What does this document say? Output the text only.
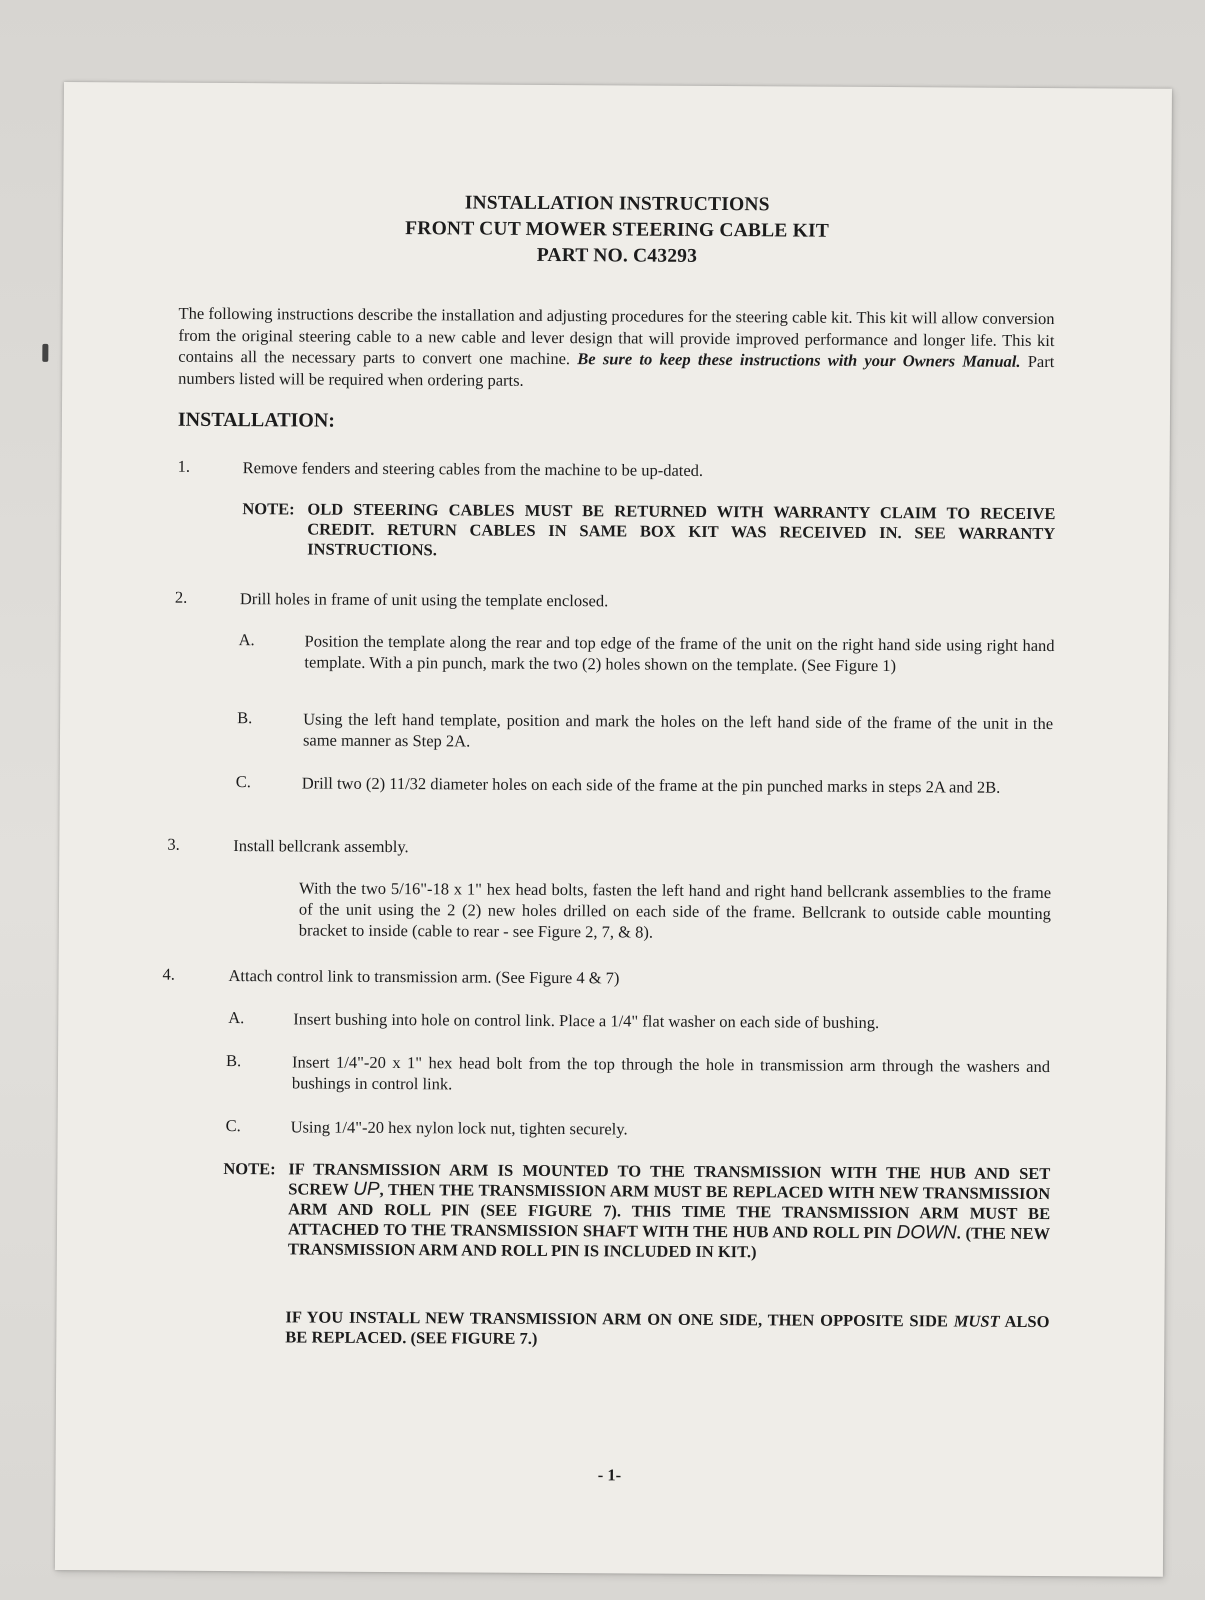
INSTALLATION INSTRUCTIONS
FRONT CUT MOWER STEERING CABLE KIT
PART NO. C43293
The following instructions describe the installation and adjusting procedures for the steering cable kit. This kit will allow conversion from the original steering cable to a new cable and lever design that will provide improved performance and longer life. This kit contains all the necessary parts to convert one machine. Be sure to keep these instructions with your Owners Manual. Part numbers listed will be required when ordering parts.
INSTALLATION:
1.	Remove fenders and steering cables from the machine to be up-dated.
NOTE: OLD STEERING CABLES MUST BE RETURNED WITH WARRANTY CLAIM TO RECEIVE CREDIT. RETURN CABLES IN SAME BOX KIT WAS RECEIVED IN. SEE WARRANTY INSTRUCTIONS.
2.	Drill holes in frame of unit using the template enclosed.
A.	Position the template along the rear and top edge of the frame of the unit on the right hand side using right hand template. With a pin punch, mark the two (2) holes shown on the template. (See Figure 1)
B.	Using the left hand template, position and mark the holes on the left hand side of the frame of the unit in the same manner as Step 2A.
C.	Drill two (2) 11/32 diameter holes on each side of the frame at the pin punched marks in steps 2A and 2B.
3.	Install bellcrank assembly.
With the two 5/16"-18 x 1" hex head bolts, fasten the left hand and right hand bellcrank assemblies to the frame of the unit using the 2 (2) new holes drilled on each side of the frame. Bellcrank to outside cable mounting bracket to inside (cable to rear - see Figure 2, 7, & 8).
4.	Attach control link to transmission arm. (See Figure 4 & 7)
A.	Insert bushing into hole on control link. Place a 1/4" flat washer on each side of bushing.
B.	Insert 1/4"-20 x 1" hex head bolt from the top through the hole in transmission arm through the washers and bushings in control link.
C.	Using 1/4"-20 hex nylon lock nut, tighten securely.
NOTE: IF TRANSMISSION ARM IS MOUNTED TO THE TRANSMISSION WITH THE HUB AND SET SCREW UP, THEN THE TRANSMISSION ARM MUST BE REPLACED WITH NEW TRANSMISSION ARM AND ROLL PIN (SEE FIGURE 7). THIS TIME THE TRANSMISSION ARM MUST BE ATTACHED TO THE TRANSMISSION SHAFT WITH THE HUB AND ROLL PIN DOWN. (THE NEW TRANSMISSION ARM AND ROLL PIN IS INCLUDED IN KIT.)
IF YOU INSTALL NEW TRANSMISSION ARM ON ONE SIDE, THEN OPPOSITE SIDE MUST ALSO BE REPLACED. (SEE FIGURE 7.)
- 1-
